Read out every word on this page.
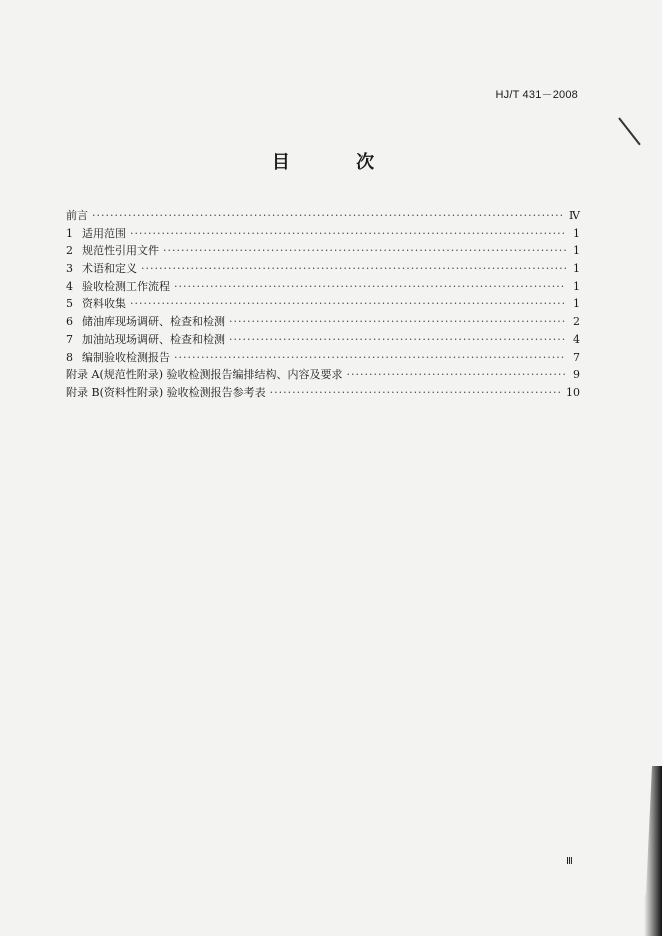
HJ/T 431－2008
目 次
前言 ·····	Ⅳ
1 适用范围 ·····	1
2 规范性引用文件 ·····	1
3 术语和定义 ·····	1
4 验收检测工作流程 ·····	1
5 资料收集 ·····	1
6 储油库现场调研、检查和检测 ·····	2
7 加油站现场调研、检查和检测 ·····	4
8 编制验收检测报告 ·····	7
附录 A(规范性附录) 验收检测报告编排结构、内容及要求 ·····	9
附录 B(资料性附录) 验收检测报告参考表 ·····	10
Ⅲ
